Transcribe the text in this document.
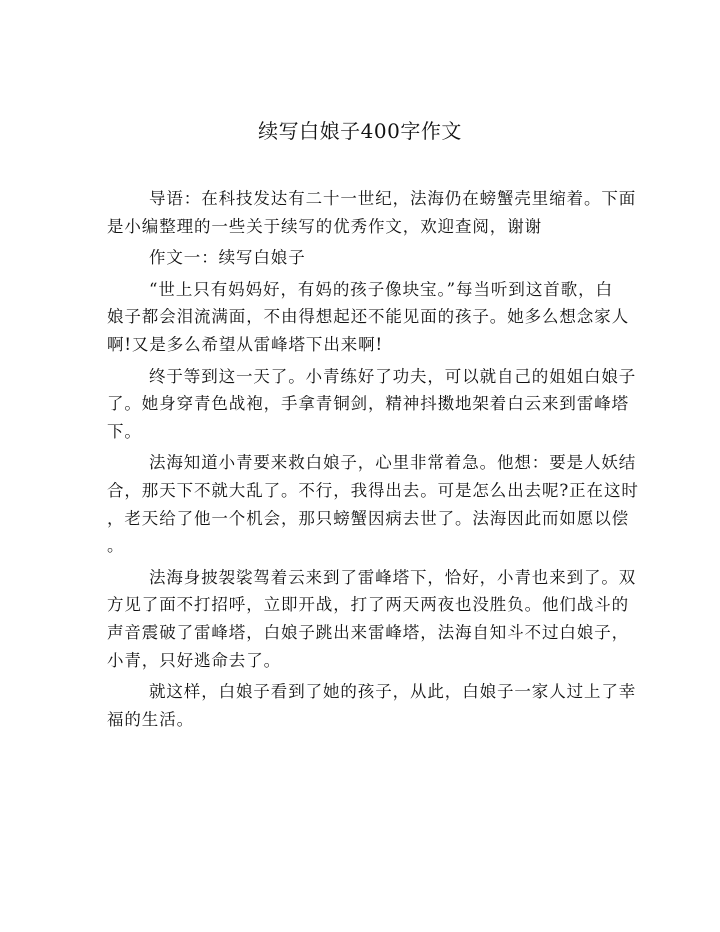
续写白娘子400字作文
导语：在科技发达有二十一世纪，法海仍在螃蟹壳里缩着。下面
是小编整理的一些关于续写的优秀作文，欢迎查阅，谢谢
作文一：续写白娘子
“世上只有妈妈好，有妈的孩子像块宝。”每当听到这首歌，白
娘子都会泪流满面，不由得想起还不能见面的孩子。她多么想念家人
啊!又是多么希望从雷峰塔下出来啊!
终于等到这一天了。小青练好了功夫，可以就自己的姐姐白娘子
了。她身穿青色战袍，手拿青铜剑，精神抖擞地架着白云来到雷峰塔
下。
法海知道小青要来救白娘子，心里非常着急。他想：要是人妖结
合，那天下不就大乱了。不行，我得出去。可是怎么出去呢?正在这时
，老天给了他一个机会，那只螃蟹因病去世了。法海因此而如愿以偿
。
法海身披袈裟驾着云来到了雷峰塔下，恰好，小青也来到了。双
方见了面不打招呼，立即开战，打了两天两夜也没胜负。他们战斗的
声音震破了雷峰塔，白娘子跳出来雷峰塔，法海自知斗不过白娘子，
小青，只好逃命去了。
就这样，白娘子看到了她的孩子，从此，白娘子一家人过上了幸
福的生活。
